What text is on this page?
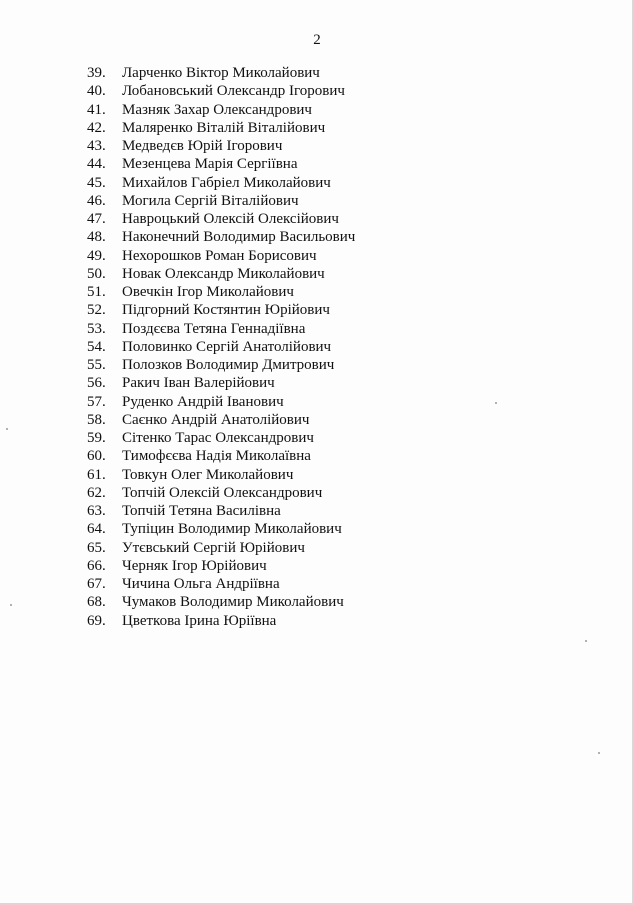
2
39.	Ларченко Віктор Миколайович
40.	Лобановський Олександр Ігорович
41.	Мазняк Захар Олександрович
42.	Маляренко Віталій Віталійович
43.	Медведєв Юрій Ігорович
44.	Мезенцева Марія Сергіївна
45.	Михайлов Габріел Миколайович
46.	Могила Сергій Віталійович
47.	Навроцький Олексій Олексійович
48.	Наконечний Володимир Васильович
49.	Нехорошков Роман Борисович
50.	Новак Олександр Миколайович
51.	Овечкін Ігор Миколайович
52.	Підгорний Костянтин Юрійович
53.	Поздєєва Тетяна Геннадіївна
54.	Половинко Сергій Анатолійович
55.	Полозков Володимир Дмитрович
56.	Ракич Іван Валерійович
57.	Руденко Андрій Іванович
58.	Саєнко Андрій Анатолійович
59.	Сітенко Тарас Олександрович
60.	Тимофєєва Надія Миколаївна
61.	Товкун Олег Миколайович
62.	Топчій Олексій Олександрович
63.	Топчій Тетяна Василівна
64.	Тупіцин Володимир Миколайович
65.	Утєвський Сергій Юрійович
66.	Черняк Ігор Юрійович
67.	Чичина Ольга Андріївна
68.	Чумаков Володимир Миколайович
69.	Цветкова Ірина Юріївна
